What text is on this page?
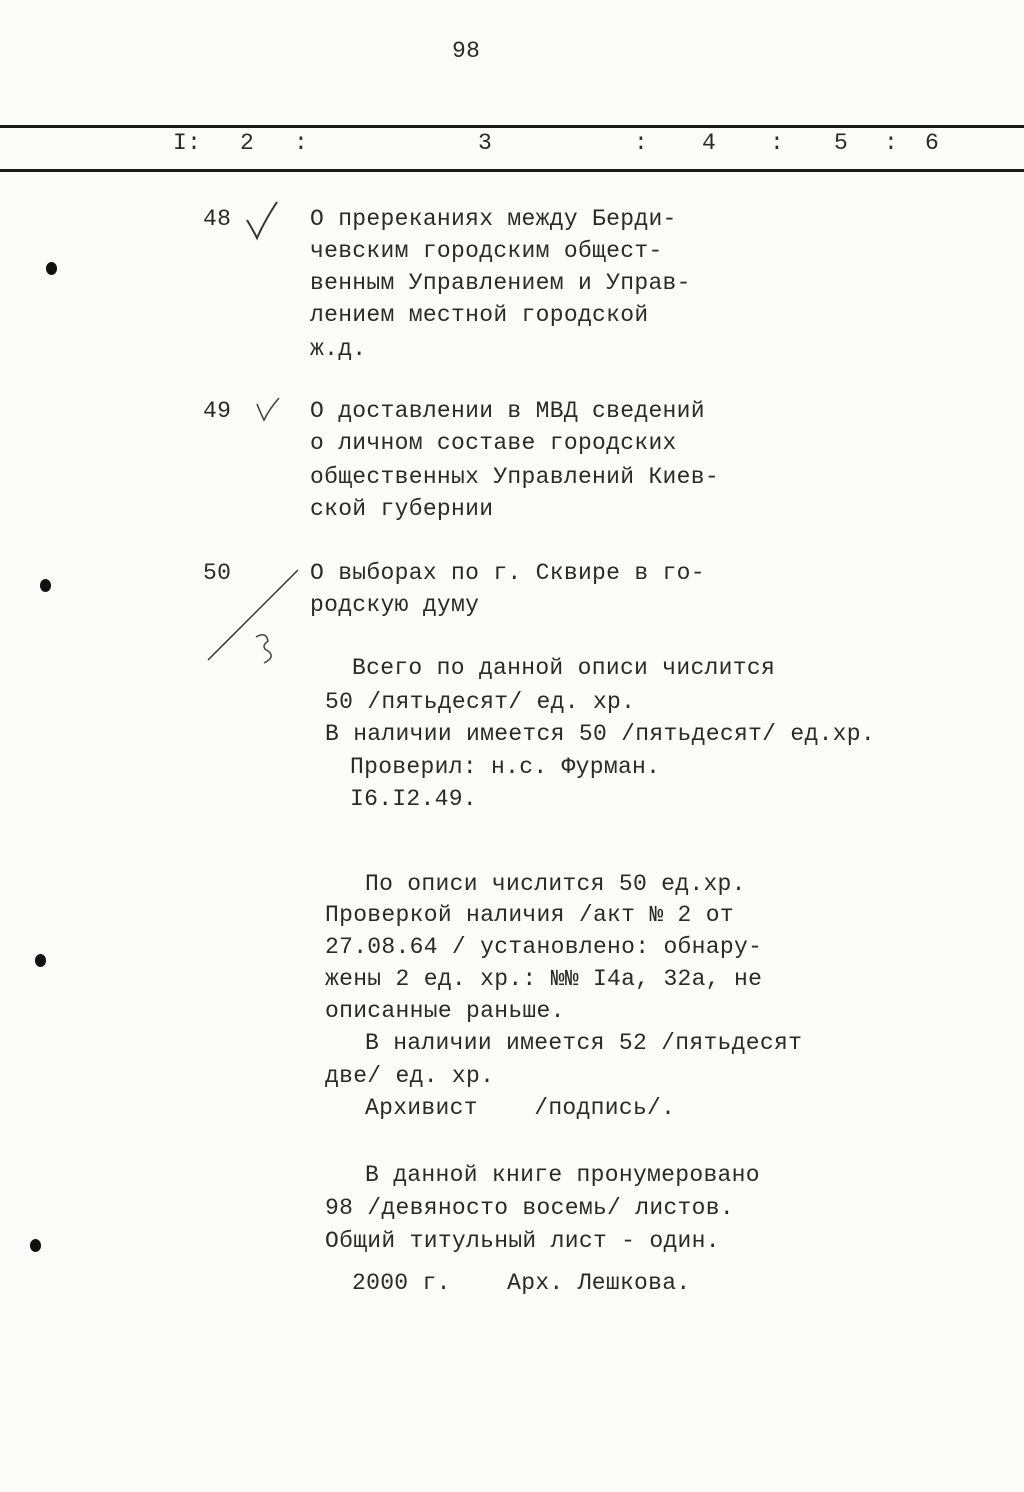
98
I: 2 :	3	: 4 : 5 : 6
48	О пререканиях между Берди-
чевским городским общест-
венным Управлением и Управ-
лением местной городской
ж.д.
49	О доставлении в МВД сведений
о личном составе городских
общественных Управлений Киев-
ской губернии
50	О выборах по г. Сквире в го-
родскую думу
Всего по данной описи числится
50 /пятьдесят/ ед. хр.
В наличии имеется 50 /пятьдесят/ ед.хр.
Проверил: н.с. Фурман.
I6.I2.49.
По описи числится 50 ед.хр.
Проверкой наличия /акт № 2 от
27.08.64 / установлено: обнару-
жены 2 ед. хр.: №№ I4а, 32а, не
описанные раньше.
В наличии имеется 52 /пятьдесят
две/ ед. хр.
Архивист    /подпись/.
В данной книге пронумеровано
98 /девяносто восемь/ листов.
Общий титульный лист - один.
2000 г.    Арх. Лешкова.
